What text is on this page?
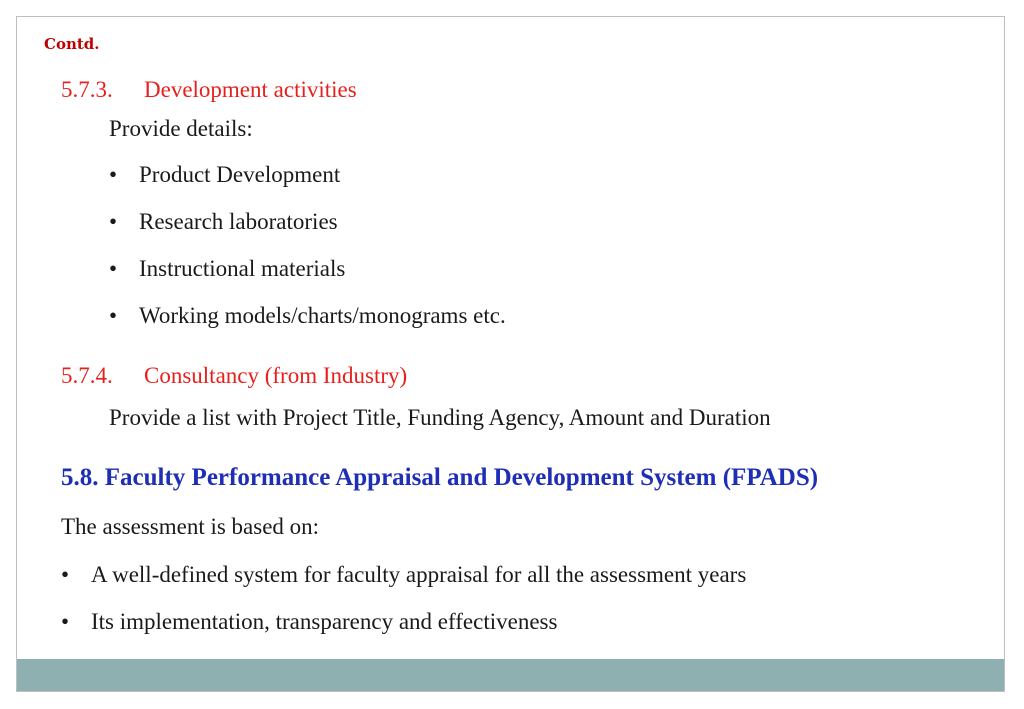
Contd.
5.7.3. Development activities
Provide details:
• Product Development
• Research laboratories
• Instructional materials
• Working models/charts/monograms etc.
5.7.4. Consultancy (from Industry)
Provide a list with Project Title, Funding Agency, Amount and Duration
5.8. Faculty Performance Appraisal and Development System (FPADS)
The assessment is based on:
• A well-defined system for faculty appraisal for all the assessment years
• Its implementation, transparency and effectiveness
